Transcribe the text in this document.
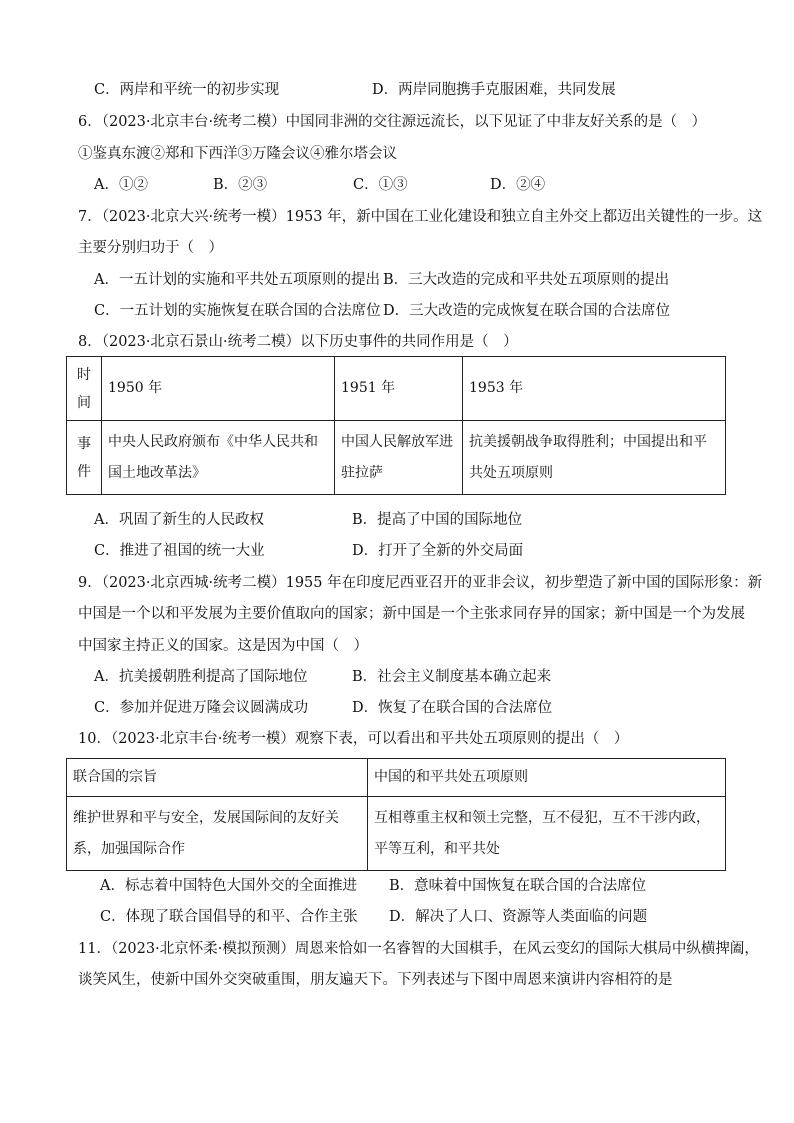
C．两岸和平统一的初步实现	D．两岸同胞携手克服困难，共同发展
6．（2023·北京丰台·统考二模）中国同非洲的交往源远流长，以下见证了中非友好关系的是（　）
①鉴真东渡②郑和下西洋③万隆会议④雅尔塔会议
A．①②	B．②③	C．①③	D．②④
7．（2023·北京大兴·统考一模）1953 年，新中国在工业化建设和独立自主外交上都迈出关键性的一步。这
主要分别归功于（　）
A．一五计划的实施和平共处五项原则的提出 B．三大改造的完成和平共处五项原则的提出
C．一五计划的实施恢复在联合国的合法席位 D．三大改造的完成恢复在联合国的合法席位
8．（2023·北京石景山·统考二模）以下历史事件的共同作用是（　）
时间	1950 年	1951 年	1953 年
事件	中央人民政府颁布《中华人民共和国土地改革法》	中国人民解放军进驻拉萨	抗美援朝战争取得胜利；中国提出和平共处五项原则
A．巩固了新生的人民政权	B．提高了中国的国际地位
C．推进了祖国的统一大业	D．打开了全新的外交局面
9．（2023·北京西城·统考二模）1955 年在印度尼西亚召开的亚非会议，初步塑造了新中国的国际形象：新
中国是一个以和平发展为主要价值取向的国家；新中国是一个主张求同存异的国家；新中国是一个为发展
中国家主持正义的国家。这是因为中国（　）
A．抗美援朝胜利提高了国际地位	B．社会主义制度基本确立起来
C．参加并促进万隆会议圆满成功	D．恢复了在联合国的合法席位
10．（2023·北京丰台·统考一模）观察下表，可以看出和平共处五项原则的提出（　）
联合国的宗旨	中国的和平共处五项原则
维护世界和平与安全，发展国际间的友好关系，加强国际合作	互相尊重主权和领土完整，互不侵犯，互不干涉内政，平等互利，和平共处
A．标志着中国特色大国外交的全面推进 B．意味着中国恢复在联合国的合法席位
C．体现了联合国倡导的和平、合作主张 D．解决了人口、资源等人类面临的问题
11．（2023·北京怀柔·模拟预测）周恩来恰如一名睿智的大国棋手，在风云变幻的国际大棋局中纵横捭阖，
谈笑风生，使新中国外交突破重围，朋友遍天下。下列表述与下图中周恩来演讲内容相符的是
